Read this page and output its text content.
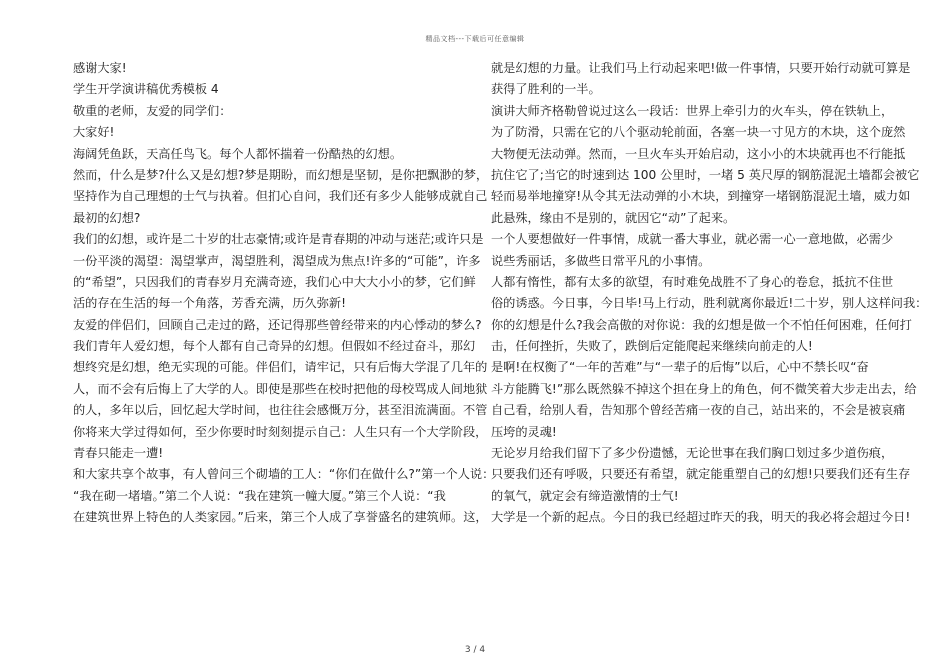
精品文档---下载后可任意编辑
感谢大家!
学生开学演讲稿优秀模板 4
敬重的老师，友爱的同学们：
大家好!
海阔凭鱼跃，天高任鸟飞。每个人都怀揣着一份酷热的幻想。
然而，什么是梦?什么又是幻想?梦是期盼，而幻想是坚韧，是你把飘渺的梦，
坚持作为自己理想的士气与执着。但扪心自问，我们还有多少人能够成就自己
最初的幻想?
我们的幻想，或许是二十岁的壮志豪情;或许是青春期的冲动与迷茫;或许只是
一份平淡的渴望：渴望掌声，渴望胜利，渴望成为焦点!许多的“可能”，许多
的“希望”，只因我们的青春岁月充满奇迹，我们心中大大小小的梦，它们鲜
活的存在生活的每一个角落，芳香充满，历久弥新!
友爱的伴侣们，回顾自己走过的路，还记得那些曾经带来的内心悸动的梦么?
我们青年人爱幻想，每个人都有自己奇异的幻想。但假如不经过奋斗，那幻
想终究是幻想，绝无实现的可能。伴侣们，请牢记，只有后悔大学混了几年的
人，而不会有后悔上了大学的人。即使是那些在校时把他的母校骂成人间地狱
的人，多年以后，回忆起大学时间，也往往会感慨万分，甚至泪流满面。不管
你将来大学过得如何，至少你要时时刻刻提示自己：人生只有一个大学阶段，
青春只能走一遭!
和大家共享个故事，有人曾问三个砌墙的工人：“你们在做什么?”第一个人说：
“我在砌一堵墙。”第二个人说：“我在建筑一幢大厦。”第三个人说：“我
在建筑世界上特色的人类家园。”后来，第三个人成了享誉盛名的建筑师。这，
就是幻想的力量。让我们马上行动起来吧!做一件事情，只要开始行动就可算是
获得了胜利的一半。
演讲大师齐格勒曾说过这么一段话：世界上牵引力的火车头，停在铁轨上，
为了防滑，只需在它的八个驱动轮前面，各塞一块一寸见方的木块，这个庞然
大物便无法动弹。然而，一旦火车头开始启动，这小小的木块就再也不行能抵
抗住它了;当它的时速到达 100 公里时，一堵 5 英尺厚的钢筋混泥土墙都会被它
轻而易举地撞穿!从令其无法动弹的小木块，到撞穿一堵钢筋混泥土墙，威力如
此悬殊，缘由不是别的，就因它“动”了起来。
一个人要想做好一件事情，成就一番大事业，就必需一心一意地做，必需少
说些秀丽话，多做些日常平凡的小事情。
人都有惰性，都有太多的欲望，有时难免战胜不了身心的卷怠，抵抗不住世
俗的诱惑。今日事，今日毕!马上行动，胜利就离你最近!二十岁，别人这样问我：
你的幻想是什么?我会高傲的对你说：我的幻想是做一个不怕任何困难，任何打
击，任何挫折，失败了，跌倒后定能爬起来继续向前走的人!
是啊!在权衡了“一年的苦难”与“一辈子的后悔”以后，心中不禁长叹“奋
斗方能腾飞!”那么既然躲不掉这个担在身上的角色，何不微笑着大步走出去，给
自己看，给别人看，告知那个曾经苦痛一夜的自己，站出来的，不会是被哀痛
压垮的灵魂!
无论岁月给我们留下了多少份遗憾，无论世事在我们胸口划过多少道伤痕，
只要我们还有呼吸，只要还有希望，就定能重塑自己的幻想!只要我们还有生存
的氧气，就定会有缔造激情的士气!
大学是一个新的起点。今日的我已经超过昨天的我，明天的我必将会超过今日!
3 / 4
